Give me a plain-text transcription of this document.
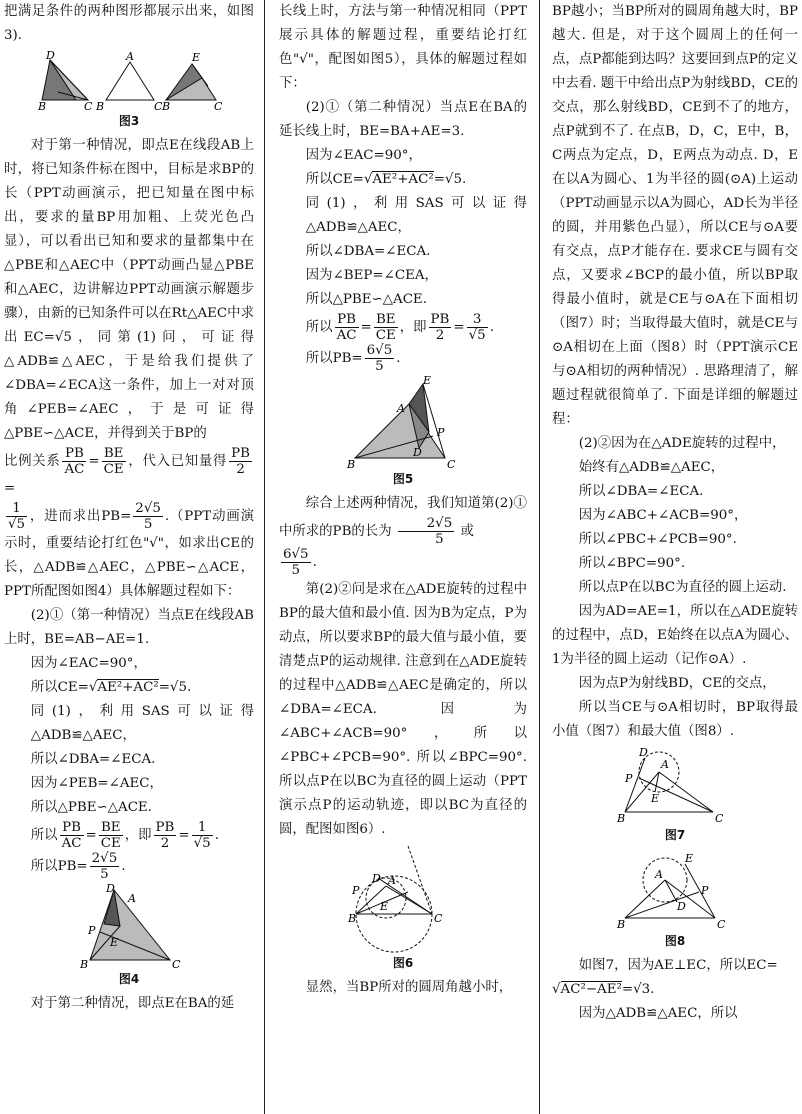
把满足条件的两种图形都展示出来，如图3).

D
B	C
A
B	C
E
B	C
图3

对于第一种情况，即点E在线段AB上时，将已知条件标在图中，目标是求BP的长（PPT动画演示，把已知量在图中标出，要求的量BP用加粗、上荧光色凸显），可以看出已知和要求的量都集中在△PBE和△AEC中（PPT动画凸显△PBE和△AEC，边讲解边PPT动画演示解题步骤），由新的已知条件可以在Rt△AEC中求出EC=√5，同第(1)问，可证得△ADB≌△AEC，于是给我们提供了∠DBA=∠ECA这一条件，加上一对对顶角∠PEB=∠AEC，于是可证得△PBE∽△ACE，并得到关于BP的

比例关系 $\frac{PB}{AC} = \frac{BE}{CE}$ ，代入已知量得 $\frac{PB}{2}$
=

$\frac{1}{√5}$ ，进而求出$PB= \frac{2√5}{5} .(PPT$动画演示时，重要结论打红色"√"，如求出CE的长，△ADB≌△AEC，△PBE∽△ACE，PPT所配图如图4）具体解题过程如下：

(2)①（第一种情况）当点E在线段AB上时，BE=AB−AE=1.

因为∠EAC=90°，

所以CE=√AE²+AC²=√5.

同(1)，利用SAS可以证得△ADB≌△AEC，

所以∠DBA=∠ECA.

因为∠PEB=∠AEC，

所以△PBE∽△ACE.

所以 $\frac{PB}{AC} = \frac{BE}{CE}$ ，即 $\frac{PB}{2} = \frac{1}{√5}$ .

所以$PB= \frac{2√5}{5}$ .

D
A
P
E
B	C
图4

对于第二种情况，即点E在BA的延

长线上时，方法与第一种情况相同（PPT展示具体的解题过程，重要结论打红色"√"，配图如图5），具体的解题过程如下：

(2)①（第二种情况）当点E在BA的延长线上时，BE=BA+AE=3.

因为∠EAC=90°，

所以CE=√AE²+AC²=√5.

同(1)，利用SAS可以证得△ADB≌△AEC，

所以∠DBA=∠ECA.

因为∠BEP=∠CEA，

所以△PBE∽△ACE.

所以 $\frac{PB}{AC} = \frac{BE}{CE}$ ，即 $\frac{PB}{2} = \frac{3}{√5}$ .

所以$PB= \frac{6√5}{5}$ .

E
A
P
D
B	C
图5

综合上述两种情况，我们知道第(2)①中所求的PB的长为 $\frac{2√5}{5}$ 或

$\frac{6√5}{5}$ .

第(2)②问是求在△ADE旋转的过程中BP的最大值和最小值. 因为B为定点，P为动点，所以要求BP的最大值与最小值，要清楚点P的运动规律. 注意到在△ADE旋转的过程中△ADB≌△AEC是确定的，所以∠DBA=∠ECA. 因为∠ABC+∠ACB=90°，所以∠PBC+∠PCB=90°. 所以∠BPC=90°. 所以点P在以BC为直径的圆上运动（PPT演示点P的运动轨迹，即以BC为直径的圆，配图如图6）.

D A
P
E
B	C
图6

显然，当BP所对的圆周角越小时，

BP越小；当BP所对的圆周角越大时，BP越大. 但是，对于这个圆周上的任何一点，点P都能到达吗？这要回到点P的定义中去看. 题干中给出点P为射线BD，CE的交点，那么射线BD，CE到不了的地方，点P就到不了. 在点B，D，C，E中，B，C两点为定点，D，E两点为动点. D，E在以A为圆心、1为半径的圆(⊙A)上运动（PPT动画显示以A为圆心，AD长为半径的圆，并用紫色凸显），所以CE与⊙A要有交点，点P才能存在. 要求CE与圆有交点，又要求∠BCP的最小值，所以BP取得最小值时，就是CE与⊙A在下面相切（图7）时；当取得最大值时，就是CE与⊙A相切在上面（图8）时（PPT演示CE与⊙A相切的两种情况）. 思路理清了，解题过程就很简单了. 下面是详细的解题过程：

(2)②因为在△ADE旋转的过程中，

始终有△ADB≌△AEC，

所以∠DBA=∠ECA.

因为∠ABC+∠ACB=90°，

所以∠PBC+∠PCB=90°.

所以∠BPC=90°.

所以点P在以BC为直径的圆上运动.

因为AD=AE=1，所以在△ADE旋转的过程中，点D，E始终在以点A为圆心、1为半径的圆上运动（记作⊙A）.

因为点P为射线BD，CE的交点，

所以当CE与⊙A相切时，BP取得最小值（图7）和最大值（图8）.

D
A
P
E
B	C
图7
E
A
P
D
B	C
图8

如图7，因为AE⊥EC，所以EC=

√AC²−AE²=√3.

因为△ADB≌△AEC，所以
